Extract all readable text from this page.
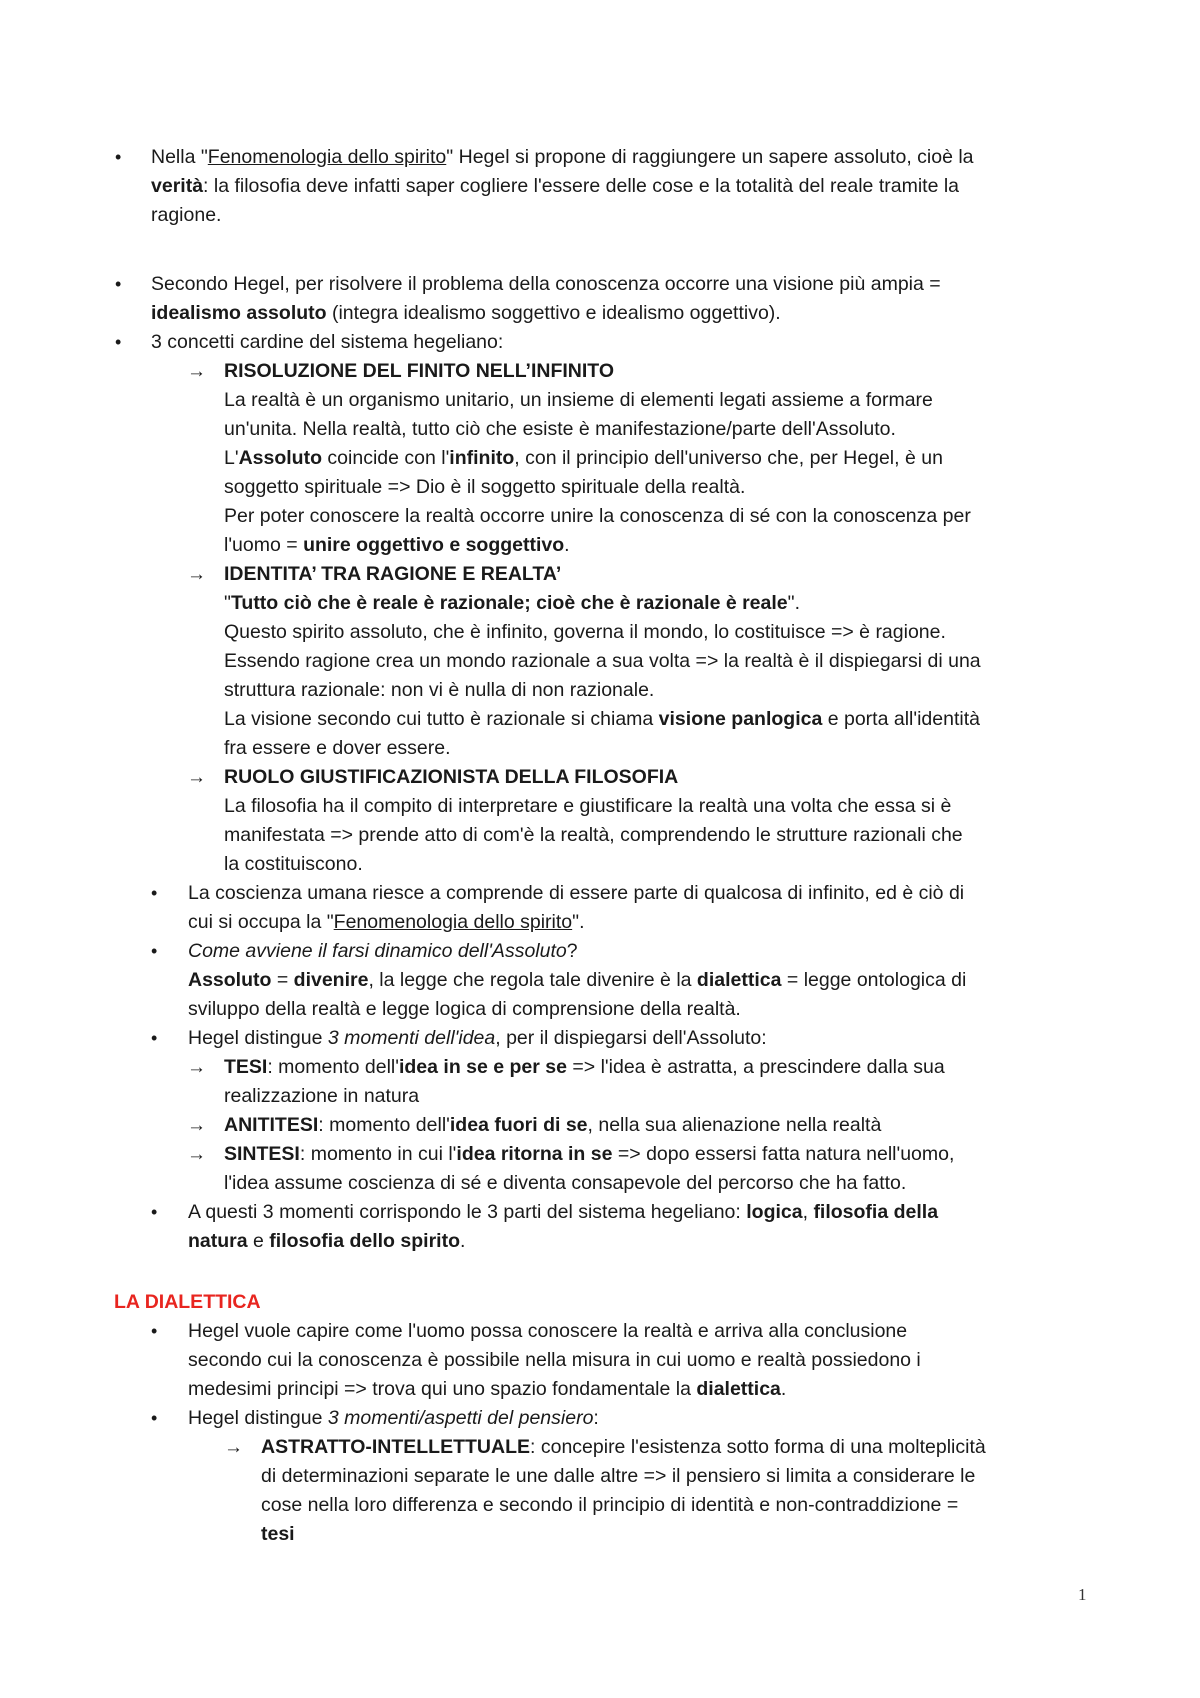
LA DIALETTICA
1
Nella "Fenomenologia dello spirito" Hegel si propone di raggiungere un sapere assoluto, cioè la
verità: la filosofia deve infatti saper cogliere l'essere delle cose e la totalità del reale tramite la
ragione.
Secondo Hegel, per risolvere il problema della conoscenza occorre una visione più ampia =
idealismo assoluto (integra idealismo soggettivo e idealismo oggettivo).
3 concetti cardine del sistema hegeliano:
RISOLUZIONE DEL FINITO NELL’INFINITO
La realtà è un organismo unitario, un insieme di elementi legati assieme a formare
un'unita. Nella realtà, tutto ciò che esiste è manifestazione/parte dell'Assoluto.
L'Assoluto coincide con l'infinito, con il principio dell'universo che, per Hegel, è un
soggetto spirituale => Dio è il soggetto spirituale della realtà.
Per poter conoscere la realtà occorre unire la conoscenza di sé con la conoscenza per
l'uomo = unire oggettivo e soggettivo.
IDENTITA’ TRA RAGIONE E REALTA’
"Tutto ciò che è reale è razionale; cioè che è razionale è reale".
Questo spirito assoluto, che è infinito, governa il mondo, lo costituisce => è ragione.
Essendo ragione crea un mondo razionale a sua volta => la realtà è il dispiegarsi di una
struttura razionale: non vi è nulla di non razionale.
La visione secondo cui tutto è razionale si chiama visione panlogica e porta all'identità
fra essere e dover essere.
RUOLO GIUSTIFICAZIONISTA DELLA FILOSOFIA
La filosofia ha il compito di interpretare e giustificare la realtà una volta che essa si è
manifestata => prende atto di com'è la realtà, comprendendo le strutture razionali che
la costituiscono.
La coscienza umana riesce a comprende di essere parte di qualcosa di infinito, ed è ciò di
cui si occupa la "Fenomenologia dello spirito".
Come avviene il farsi dinamico dell'Assoluto?
Assoluto = divenire, la legge che regola tale divenire è la dialettica = legge ontologica di
sviluppo della realtà e legge logica di comprensione della realtà.
Hegel distingue 3 momenti dell'idea, per il dispiegarsi dell'Assoluto:
TESI: momento dell'idea in se e per se => l'idea è astratta, a prescindere dalla sua
realizzazione in natura
ANITITESI: momento dell'idea fuori di se, nella sua alienazione nella realtà
SINTESI: momento in cui l'idea ritorna in se => dopo essersi fatta natura nell'uomo,
l'idea assume coscienza di sé e diventa consapevole del percorso che ha fatto.
A questi 3 momenti corrispondo le 3 parti del sistema hegeliano: logica, filosofia della
natura e filosofia dello spirito.
Hegel vuole capire come l'uomo possa conoscere la realtà e arriva alla conclusione
secondo cui la conoscenza è possibile nella misura in cui uomo e realtà possiedono i
medesimi principi => trova qui uno spazio fondamentale la dialettica.
Hegel distingue 3 momenti/aspetti del pensiero:
ASTRATTO-INTELLETTUALE: concepire l'esistenza sotto forma di una molteplicità
di determinazioni separate le une dalle altre => il pensiero si limita a considerare le
cose nella loro differenza e secondo il principio di identità e non-contraddizione =
tesi
•
•
•
•
•
•
•
•
•
→
→
→
→
→
→
→
